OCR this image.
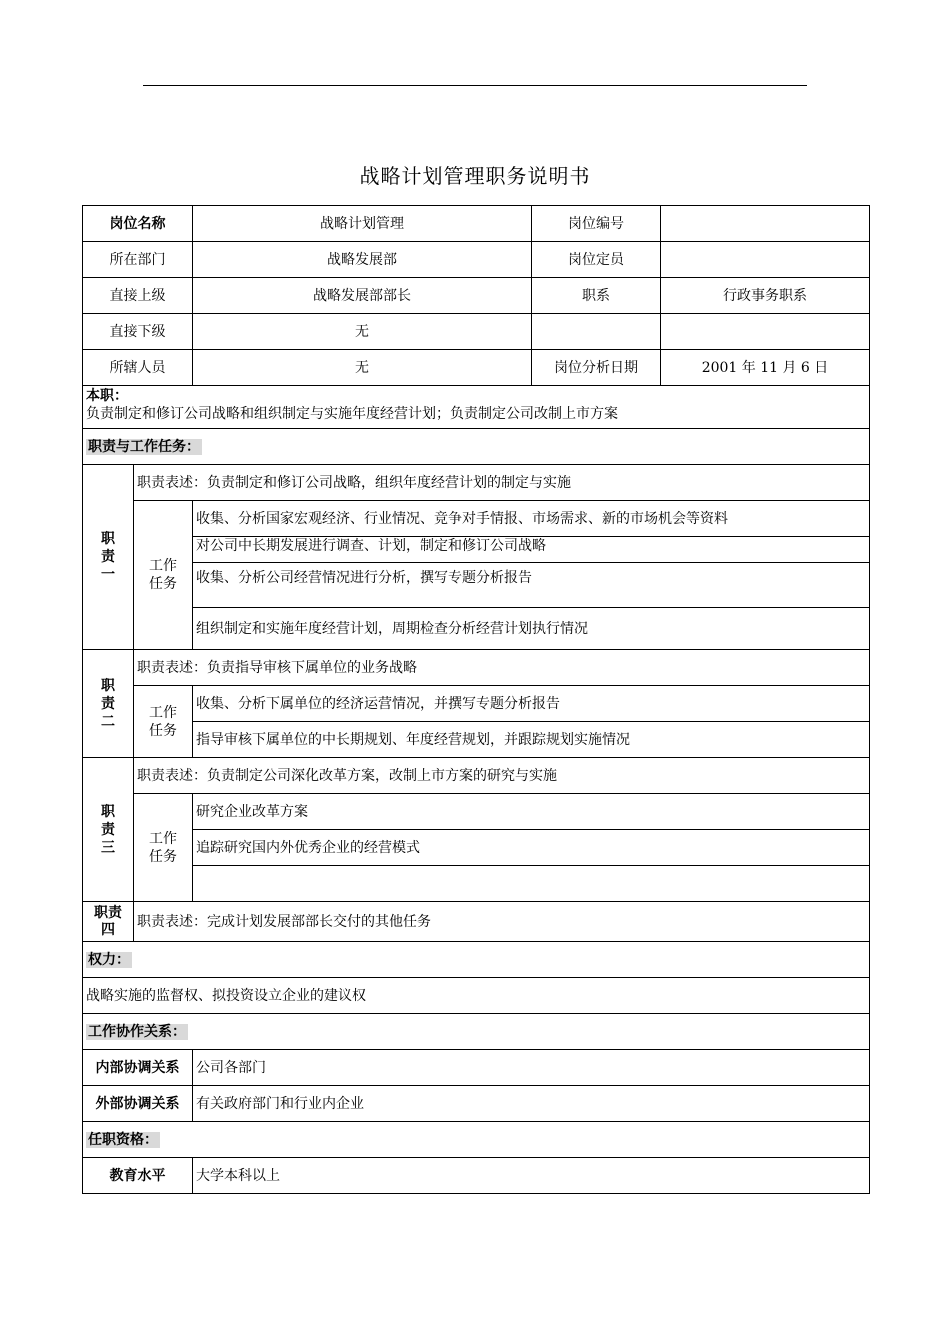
战略计划管理职务说明书
岗位名称		战略计划管理	岗位编号	
所在部门		战略发展部	岗位定员	
直接上级		战略发展部部长	职系	行政事务职系
直接下级		无		
所辖人员		无	岗位分析日期	2001 年 11 月 6 日

本职：
负责制定和修订公司战略和组织制定与实施年度经营计划；负责制定公司改制上市方案				

职责与工作任务：				
职责一	职责表述：负责制定和修订公司战略，组织年度经营计划的制定与实施			
	工作任务	收集、分析国家宏观经济、行业情况、竞争对手情报、市场需求、新的市场机会等资料		
		对公司中长期发展进行调查、计划，制定和修订公司战略		
		收集、分析公司经营情况进行分析，撰写专题分析报告		
		组织制定和实施年度经营计划，周期检查分析经营计划执行情况		
职责二	职责表述：负责指导审核下属单位的业务战略			
	工作任务	收集、分析下属单位的经济运营情况，并撰写专题分析报告		
		指导审核下属单位的中长期规划、年度经营规划，并跟踪规划实施情况		
职责三	职责表述：负责制定公司深化改革方案，改制上市方案的研究与实施			
	工作任务	研究企业改革方案		
		追踪研究国内外优秀企业的经营模式		

职责四	职责表述：完成计划发展部部长交付的其他任务			
权力：				
战略实施的监督权、拟投资设立企业的建议权				
工作协作关系：				
内部协调关系		公司各部门		
外部协调关系		有关政府部门和行业内企业		
任职资格：				
教育水平		大学本科以上		
